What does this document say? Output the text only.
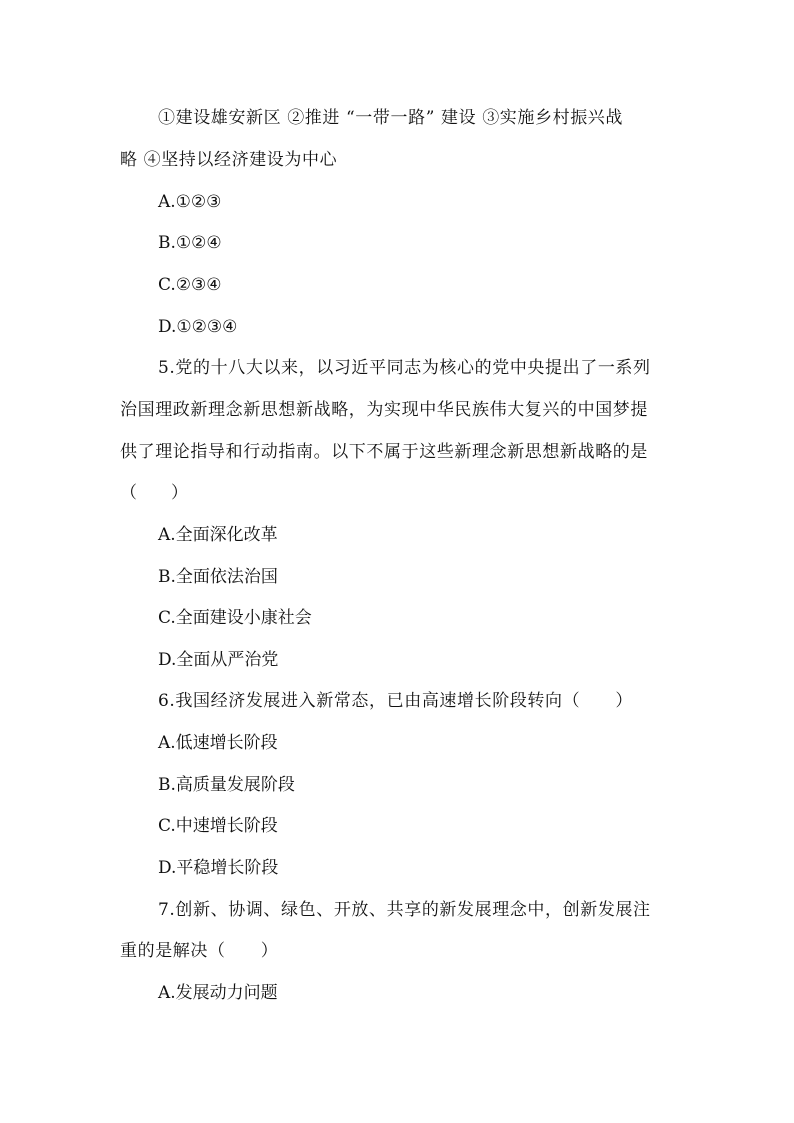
①建设雄安新区 ②推进 “一带一路” 建设 ③实施乡村振兴战
略 ④坚持以经济建设为中心
A.①②③
B.①②④
C.②③④
D.①②③④
5.党的十八大以来，以习近平同志为核心的党中央提出了一系列
治国理政新理念新思想新战略，为实现中华民族伟大复兴的中国梦提
供了理论指导和行动指南。以下不属于这些新理念新思想新战略的是
（　　）
A.全面深化改革
B.全面依法治国
C.全面建设小康社会
D.全面从严治党
6.我国经济发展进入新常态，已由高速增长阶段转向（　　）
A.低速增长阶段
B.高质量发展阶段
C.中速增长阶段
D.平稳增长阶段
7.创新、协调、绿色、开放、共享的新发展理念中，创新发展注
重的是解决（　　）
A.发展动力问题
